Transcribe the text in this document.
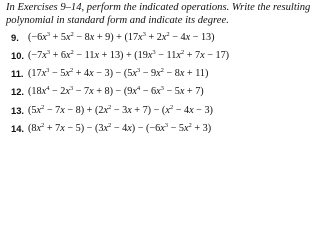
In Exercises 9–14, perform the indicated operations. Write the resulting polynomial in standard form and indicate its degree.

9. $(-6x^3 + 5x^2 - 8x + 9) + (17x^3 + 2x^2 - 4x - 13)$
10. $(-7x^3 + 6x^2 - 11x + 13) + (19x^3 - 11x^2 + 7x - 17)$
11. $(17x^3 - 5x^2 + 4x - 3) - (5x^3 - 9x^2 - 8x + 11)$
12. $(18x^4 - 2x^3 - 7x + 8) - (9x^4 - 6x^3 - 5x + 7)$
13. $(5x^2 - 7x - 8) + (2x^2 - 3x + 7) - (x^2 - 4x - 3)$
14. $(8x^2 + 7x - 5) - (3x^2 - 4x) - (-6x^3 - 5x^2 + 3)$
